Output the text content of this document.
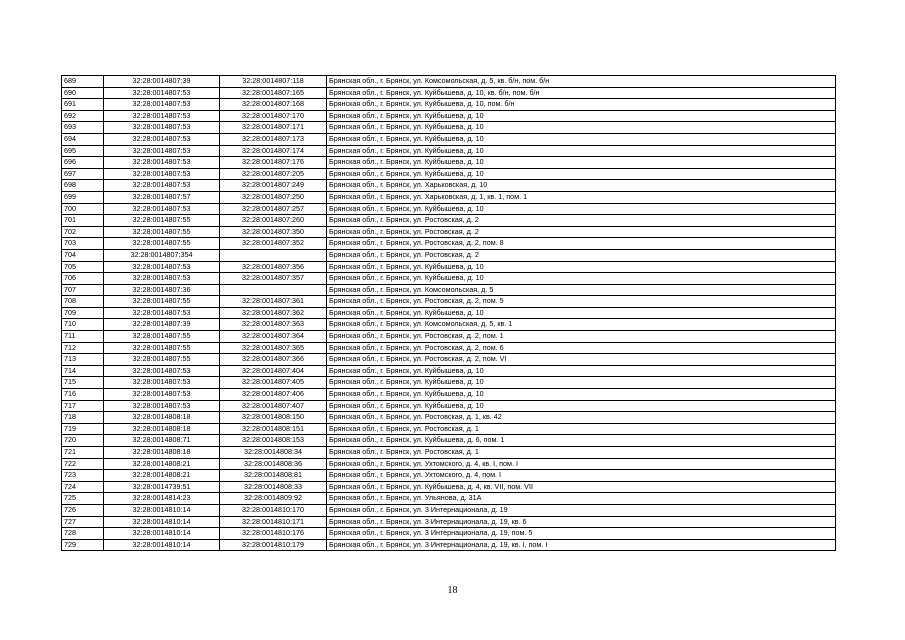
689	32:28:0014807:39	32:28:0014807:118	Брянская обл., г. Брянск, ул. Комсомольская, д. 5, кв. б/н, пом. б/н
690	32:28:0014807:53	32:28:0014807:165	Брянская обл., г. Брянск, ул. Куйбышева, д. 10, кв. б/н, пом. б/н
691	32:28:0014807:53	32:28:0014807:168	Брянская обл., г. Брянск, ул. Куйбышева, д. 10, пом. б/н
692	32:28:0014807:53	32:28:0014807:170	Брянская обл., г. Брянск, ул. Куйбышева, д. 10
693	32:28:0014807:53	32:28:0014807:171	Брянская обл., г. Брянск, ул. Куйбышева, д. 10
694	32:28:0014807:53	32:28:0014807:173	Брянская обл., г. Брянск, ул. Куйбышева, д. 10
695	32:28:0014807:53	32:28:0014807:174	Брянская обл., г. Брянск, ул. Куйбышева, д. 10
696	32:28:0014807:53	32:28:0014807:176	Брянская обл., г. Брянск, ул. Куйбышева, д. 10
697	32:28:0014807:53	32:28:0014807:205	Брянская обл., г. Брянск, ул. Куйбышева, д. 10
698	32:28:0014807:53	32:28:0014807:249	Брянская обл., г. Брянск, ул. Харьковская, д. 10
699	32:28:0014807:57	32:28:0014807:250	Брянская обл., г. Брянск, ул. Харьковская, д. 1, кв. 1, пом. 1
700	32:28:0014807:53	32:28:0014807:257	Брянская обл., г. Брянск, ул. Куйбышева, д. 10
701	32:28:0014807:55	32:28:0014807:260	Брянская обл., г. Брянск, ул. Ростовская, д. 2
702	32:28:0014807:55	32:28:0014807:350	Брянская обл., г. Брянск, ул. Ростовская, д. 2
703	32:28:0014807:55	32:28:0014807:352	Брянская обл., г. Брянск, ул. Ростовская, д. 2, пом. 8
704	32:28:0014807:354		Брянская обл., г. Брянск, ул. Ростовская, д. 2
705	32:28:0014807:53	32:28:0014807:356	Брянская обл., г. Брянск, ул. Куйбышева, д. 10
706	32:28:0014807:53	32:28:0014807:357	Брянская обл., г. Брянск, ул. Куйбышева, д. 10
707	32:28:0014807:36		Брянская обл., г. Брянск, ул. Комсомольская, д. 5
708	32:28:0014807:55	32:28:0014807:361	Брянская обл., г. Брянск, ул. Ростовская, д. 2, пом. 5
709	32:28:0014807:53	32:28:0014807:362	Брянская обл., г. Брянск, ул. Куйбышева, д. 10
710	32:28:0014807:39	32:28:0014807:363	Брянская обл., г. Брянск, ул. Комсомольская, д. 5, кв. 1
711	32:28:0014807:55	32:28:0014807:364	Брянская обл., г. Брянск, ул. Ростовская, д. 2, пом. 1
712	32:28:0014807:55	32:28:0014807:365	Брянская обл., г. Брянск, ул. Ростовская, д. 2, пом. 6
713	32:28:0014807:55	32:28:0014807:366	Брянская обл., г. Брянск, ул. Ростовская, д. 2, пом. VI
714	32:28:0014807:53	32:28:0014807:404	Брянская обл., г. Брянск, ул. Куйбышева, д. 10
715	32:28:0014807:53	32:28:0014807:405	Брянская обл., г. Брянск, ул. Куйбышева, д. 10
716	32:28:0014807:53	32:28:0014807:406	Брянская обл., г. Брянск, ул. Куйбышева, д. 10
717	32:28:0014807:53	32:28:0014807:407	Брянская обл., г. Брянск, ул. Куйбышева, д. 10
718	32:28:0014808:18	32:28:0014808:150	Брянская обл., г. Брянск, ул. Ростовская, д. 1, кв. 42
719	32:28:0014808:18	32:28:0014808:151	Брянская обл., г. Брянск, ул. Ростовская, д. 1
720	32:28:0014808:71	32:28:0014808:153	Брянская обл., г. Брянск, ул. Куйбышева, д. 6, пом. 1
721	32:28:0014808:18	32:28:0014808:34	Брянская обл., г. Брянск, ул. Ростовская, д. 1
722	32:28:0014808:21	32:28:0014808:36	Брянская обл., г. Брянск, ул. Ухтомского, д. 4, кв. I, пом. I
723	32:28:0014808:21	32:28:0014808:81	Брянская обл., г. Брянск, ул. Ухтомского, д. 4, пом. I
724	32:28:0014739:51	32:28:0014808:33	Брянская обл., г. Брянск, ул. Куйбышева, д. 4, кв. VII, пом. VII
725	32:28:0014814:23	32:28:0014809:92	Брянская обл., г. Брянск, ул. Ульянова, д. 31А
726	32:28:0014810:14	32:28:0014810:170	Брянская обл., г. Брянск, ул. 3 Интернационала, д. 19
727	32:28:0014810:14	32:28:0014810:171	Брянская обл., г. Брянск, ул. 3 Интернационала, д. 19, кв. 6
728	32:28:0014810:14	32:28:0014810:176	Брянская обл., г. Брянск, ул. 3 Интернационала, д. 19, пом. 5
729	32:28:0014810:14	32:28:0014810:179	Брянская обл., г. Брянск, ул. 3 Интернационала, д. 19, кв. I, пом. I
18
